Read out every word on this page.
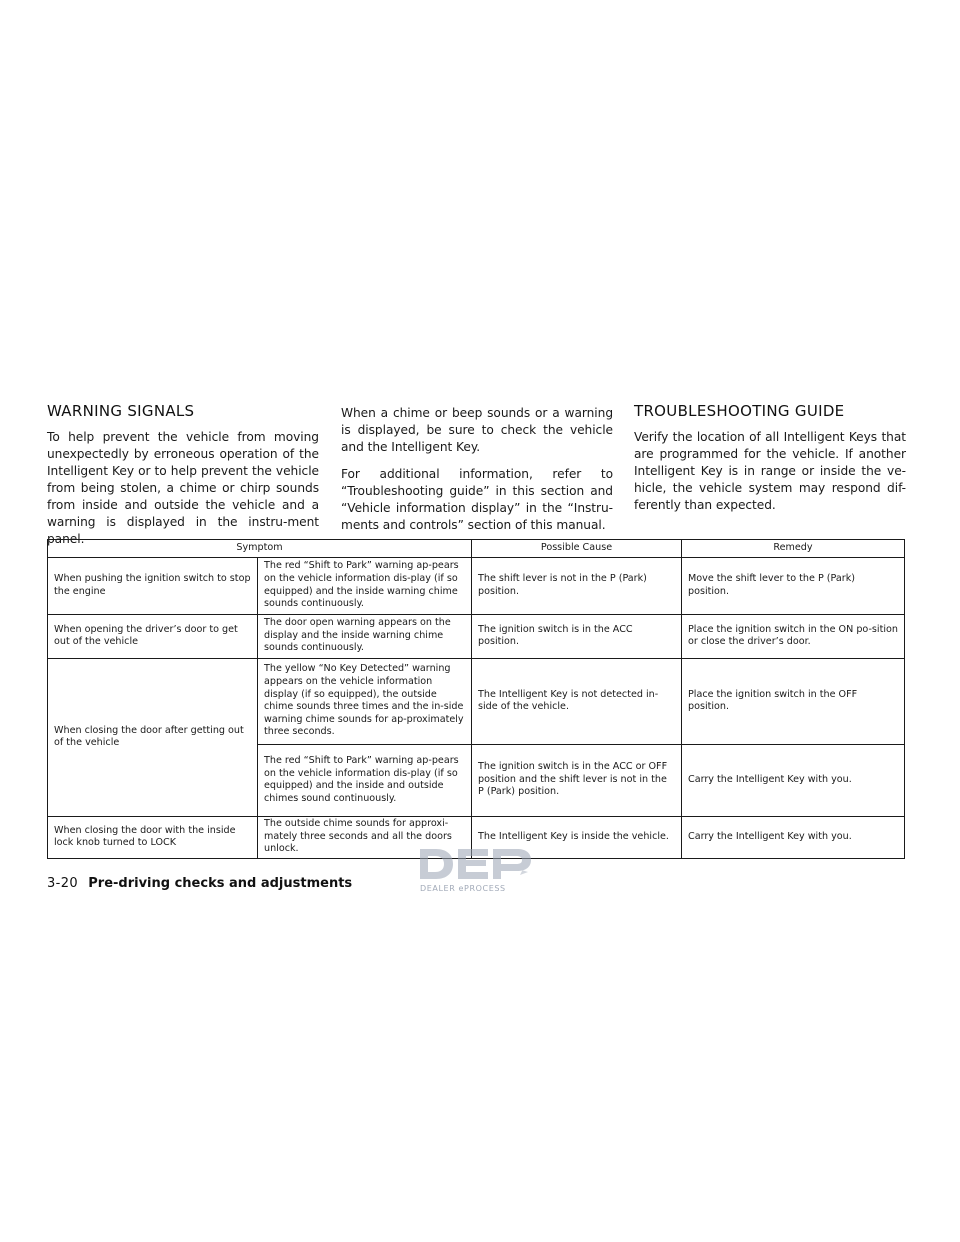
WARNING SIGNALS

To help prevent the vehicle from moving unexpectedly by erroneous operation of the Intelligent Key or to help prevent the vehicle from being stolen, a chime or chirp sounds from inside and outside the vehicle and a warning is displayed in the instru-ment panel.

When a chime or beep sounds or a warning is displayed, be sure to check the vehicle and the Intelligent Key.

For additional information, refer to “Troubleshooting guide” in this section and “Vehicle information display” in the “Instru-ments and controls” section of this manual.

TROUBLESHOOTING GUIDE

Verify the location of all Intelligent Keys that are programmed for the vehicle. If another Intelligent Key is in range or inside the ve-hicle, the vehicle system may respond dif-ferently than expected.

Symptom		Possible Cause	Remedy
When pushing the ignition switch to stop the engine	The red “Shift to Park” warning ap-pears on the vehicle information dis-play (if so equipped) and the inside warning chime sounds continuously.	The shift lever is not in the P (Park) position.	Move the shift lever to the P (Park) position.
When opening the driver’s door to get out of the vehicle	The door open warning appears on the display and the inside warning chime sounds continuously.	The ignition switch is in the ACC position.	Place the ignition switch in the ON po-sition or close the driver’s door.
When closing the door after getting out of the vehicle	The yellow “No Key Detected” warning appears on the vehicle information display (if so equipped), the outside chime sounds three times and the in-side warning chime sounds for ap-proximately three seconds.	The Intelligent Key is not detected in-side of the vehicle.	Place the ignition switch in the OFF position.
	The red “Shift to Park” warning ap-pears on the vehicle information dis-play (if so equipped) and the inside and outside chimes sound continuously.	The ignition switch is in the ACC or OFF position and the shift lever is not in the P (Park) position.	Carry the Intelligent Key with you.
When closing the door with the inside lock knob turned to LOCK	The outside chime sounds for approxi-mately three seconds and all the doors unlock.	The Intelligent Key is inside the vehicle.	Carry the Intelligent Key with you.
3-20 Pre-driving checks and adjustments	DEALER ePROCESS
